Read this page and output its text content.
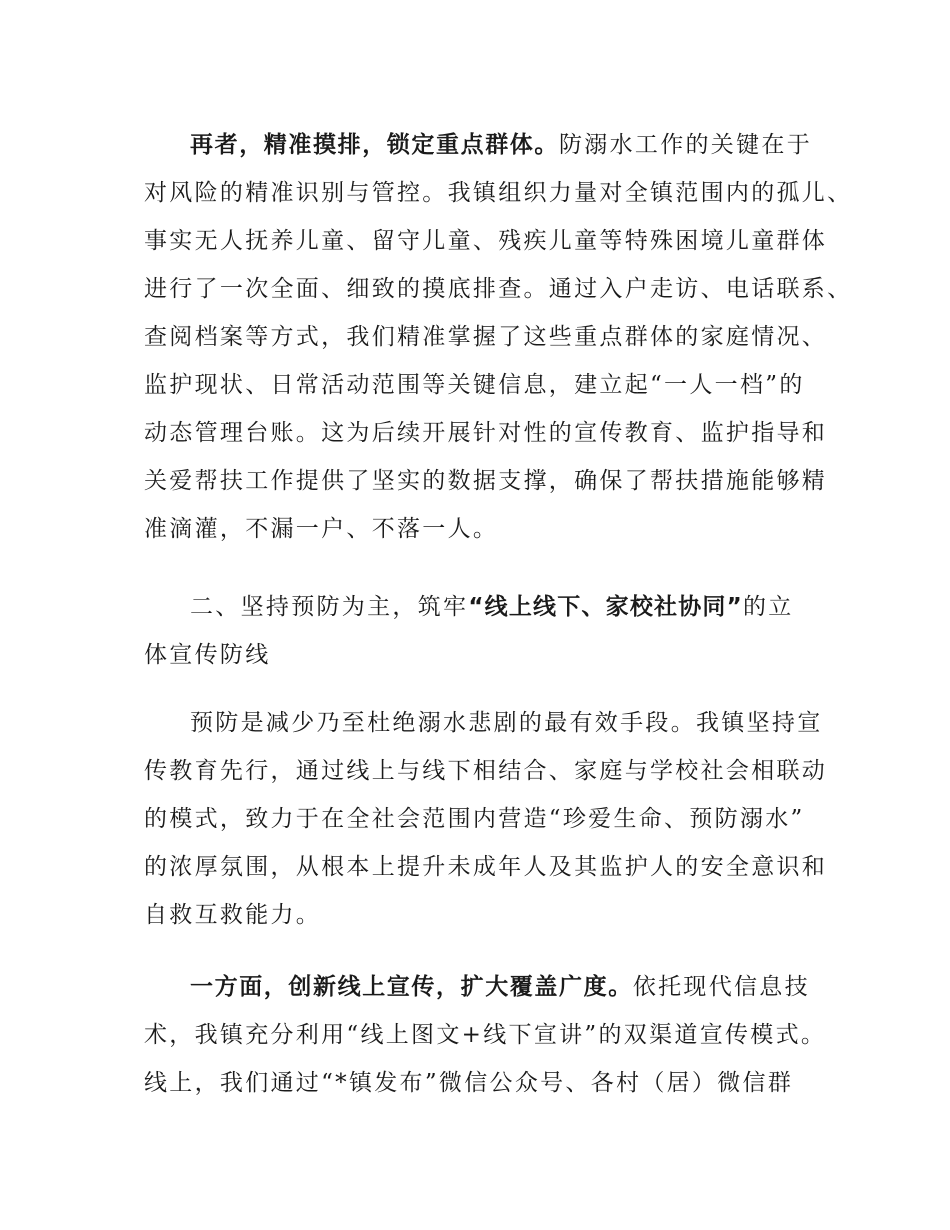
再者，精准摸排，锁定重点群体。防溺水工作的关键在于
对风险的精准识别与管控。我镇组织力量对全镇范围内的孤儿、
事实无人抚养儿童、留守儿童、残疾儿童等特殊困境儿童群体
进行了一次全面、细致的摸底排查。通过入户走访、电话联系、
查阅档案等方式，我们精准掌握了这些重点群体的家庭情况、
监护现状、日常活动范围等关键信息，建立起“一人一档”的
动态管理台账。这为后续开展针对性的宣传教育、监护指导和
关爱帮扶工作提供了坚实的数据支撑，确保了帮扶措施能够精
准滴灌，不漏一户、不落一人。
二、坚持预防为主，筑牢“线上线下、家校社协同”的立
体宣传防线
预防是减少乃至杜绝溺水悲剧的最有效手段。我镇坚持宣
传教育先行，通过线上与线下相结合、家庭与学校社会相联动
的模式，致力于在全社会范围内营造“珍爱生命、预防溺水”
的浓厚氛围，从根本上提升未成年人及其监护人的安全意识和
自救互救能力。
一方面，创新线上宣传，扩大覆盖广度。依托现代信息技
术，我镇充分利用“线上图文+线下宣讲”的双渠道宣传模式。
线上，我们通过“*镇发布”微信公众号、各村（居）微信群
